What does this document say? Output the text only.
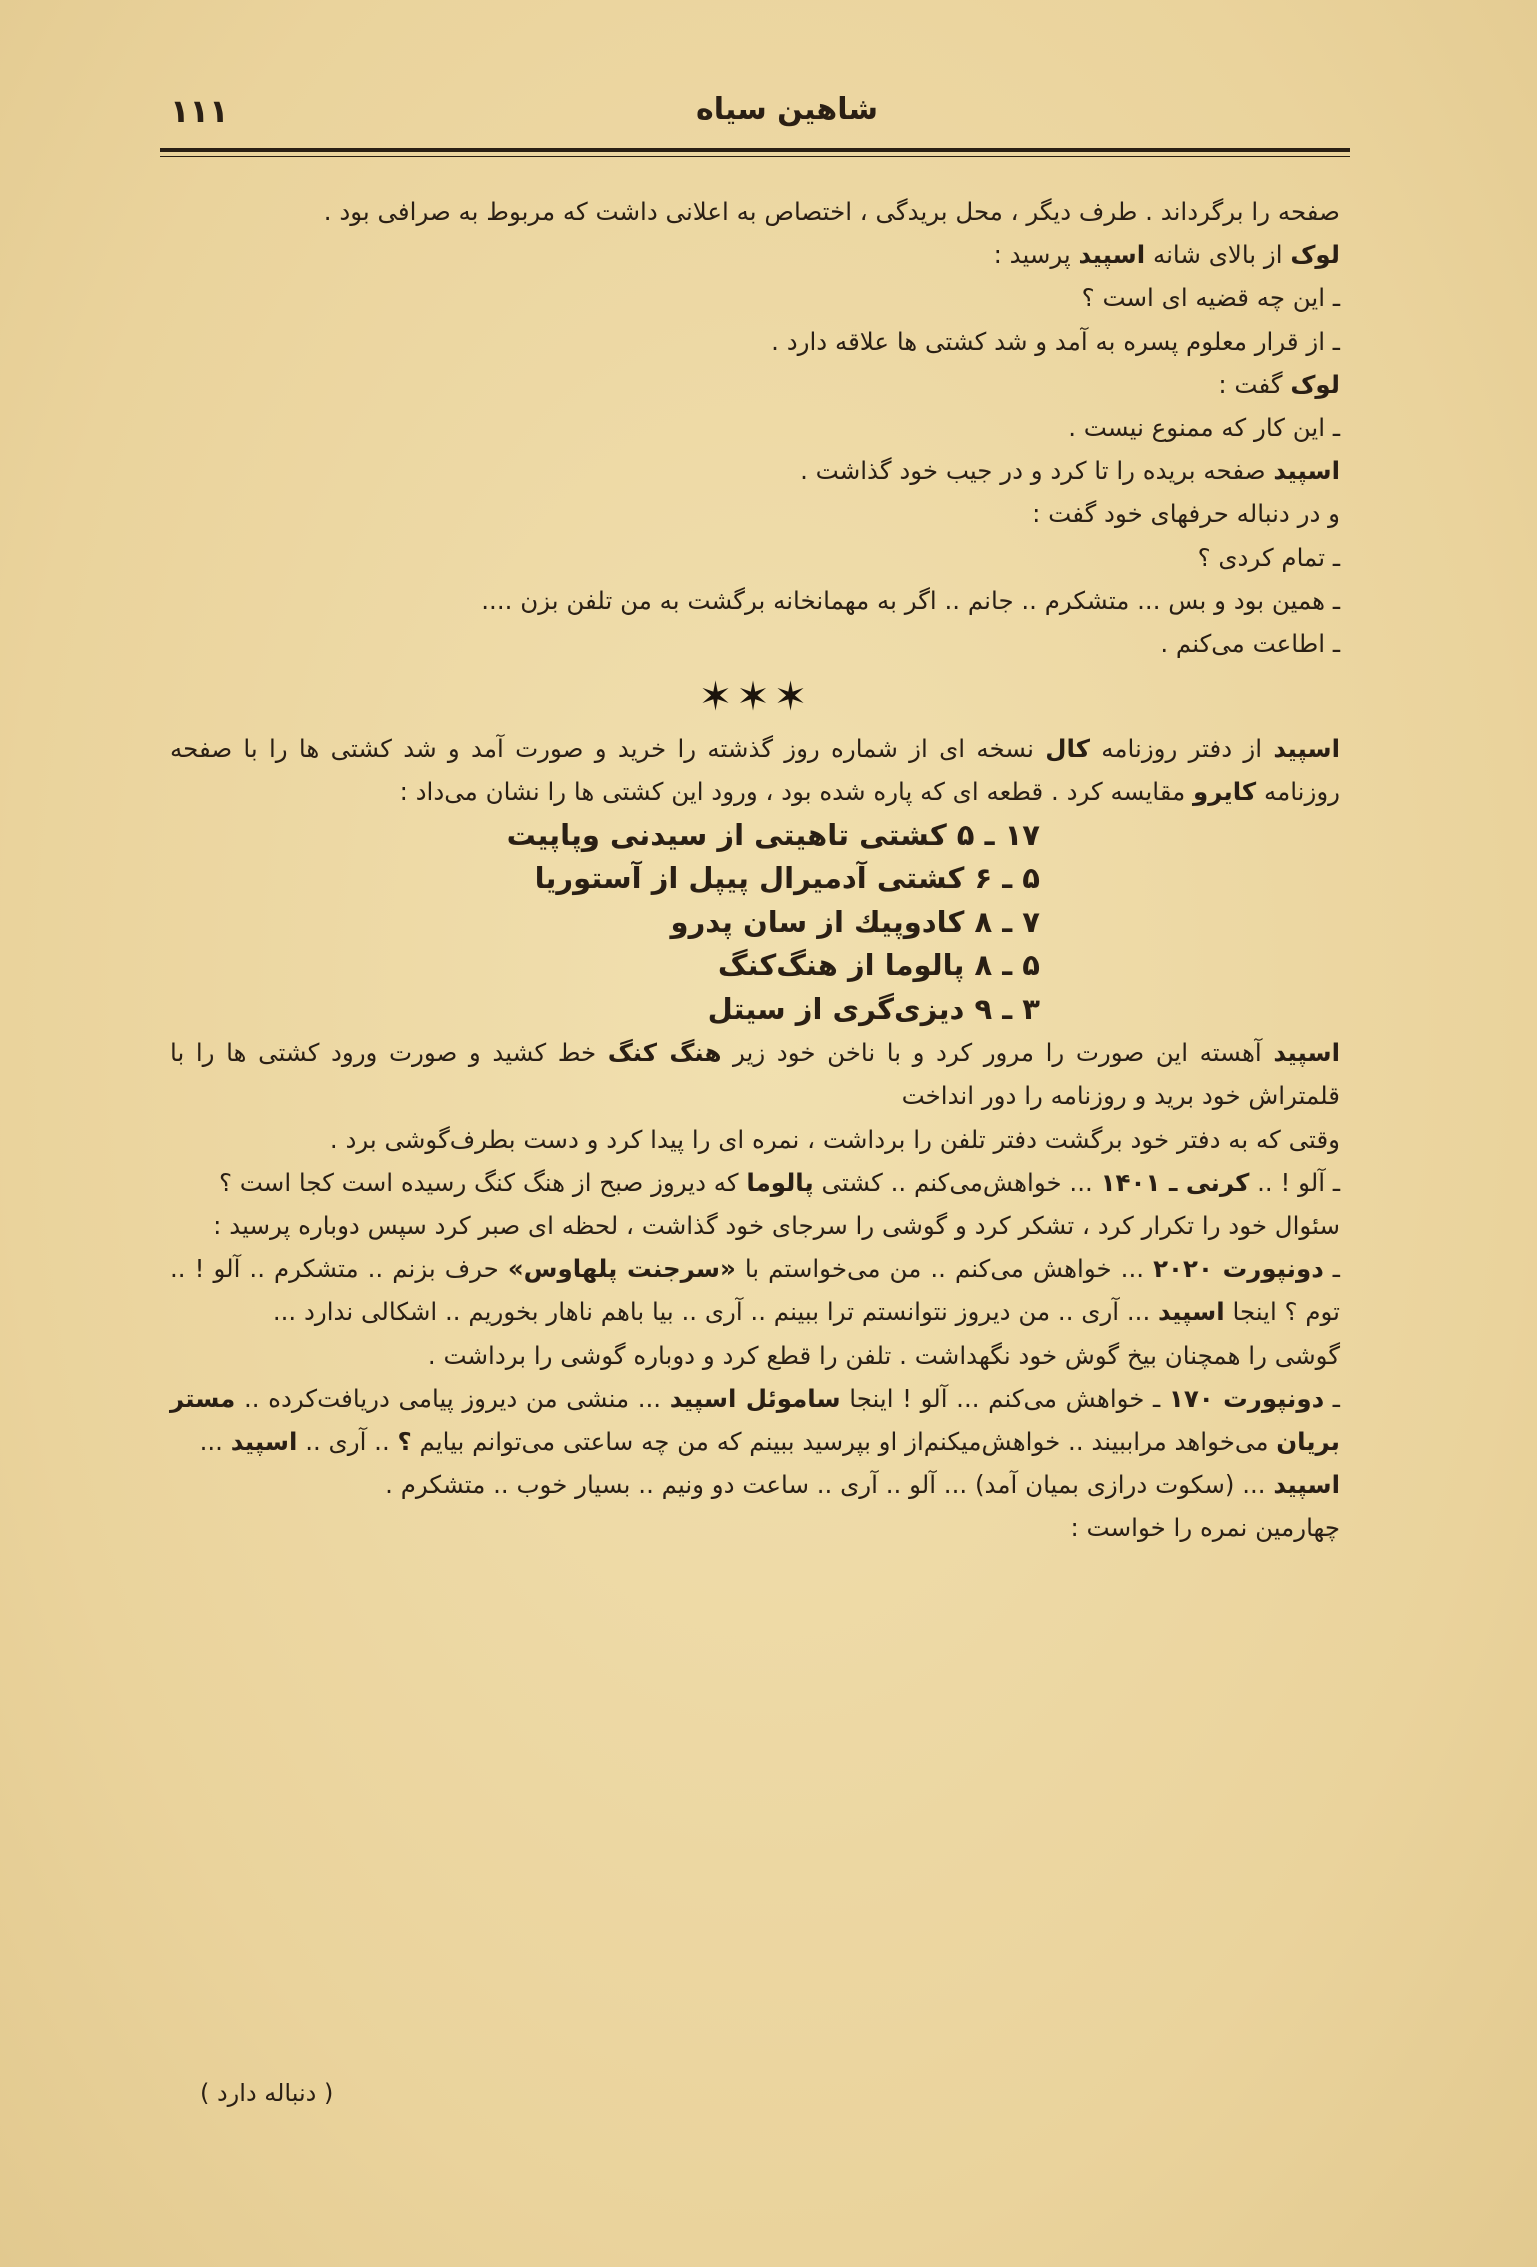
شاهین سیاه
۱۱۱

صفحه را برگرداند . طرف دیگر ، محل بریدگی ، اختصاص به اعلانی داشت که مربوط به صرافی بود .

لوک از بالای شانه اسپید پرسید :

ـ این چه قضیه ای است ؟

ـ از قرار معلوم پسره به آمد و شد کشتی ها علاقه دارد .

لوک گفت :

ـ این کار که ممنوع نیست .

اسپید صفحه بریده را تا کرد و در جیب خود گذاشت .

و در دنباله حرفهای خود گفت :

ـ تمام کردی ؟

ـ همین بود و بس ... متشکرم .. جانم .. اگر به مهمانخانه برگشت به من تلفن بزن ....

ـ اطاعت می‌کنم .

✶✶✶

اسپید از دفتر روزنامه کال نسخه ای از شماره روز گذشته را خرید و صورت آمد و شد کشتی ها را با صفحه روزنامه کایرو مقایسه کرد . قطعه ای که پاره شده بود ، ورود این کشتی ها را نشان می‌داد :

۱۷ ـ ۵ کشتی تاهیتی از سیدنی وپاپیت
۵ ـ ۶ کشتی آدمیرال پیپل از آستوریا
۷ ـ ۸ کادوپیك از سان پدرو
۵ ـ ۸ پالوما از هنگ‌کنگ
۳ ـ ۹ دیزی‌گری از سیتل

اسپید آهسته این صورت را مرور کرد و با ناخن خود زیر هنگ کنگ خط کشید و صورت ورود کشتی ها را با قلمتراش خود برید و روزنامه را دور انداخت

وقتی که به دفتر خود برگشت دفتر تلفن را برداشت ، نمره ای را پیدا کرد و دست بطرف‌گوشی برد .

ـ آلو ! .. کرنی ـ ۱۴۰۱ ... خواهش‌می‌کنم .. کشتی پالوما که دیروز صبح از هنگ کنگ رسیده است کجا است ؟

سئوال خود را تکرار کرد ، تشکر کرد و گوشی را سرجای خود گذاشت ، لحظه ای صبر کرد سپس دوباره پرسید :

ـ دونپورت ۲۰۲۰ ... خواهش می‌کنم .. من می‌خواستم با «سرجنت پلهاوس» حرف بزنم .. متشکرم .. آلو ! .. توم ؟ اینجا اسپید ... آری .. من دیروز نتوانستم ترا ببینم .. آری .. بیا باهم ناهار بخوریم .. اشکالی ندارد ...

گوشی را همچنان بیخ گوش خود نگهداشت . تلفن را قطع کرد و دوباره گوشی را برداشت .

ـ دونپورت ۱۷۰ ـ خواهش می‌کنم ... آلو ! اینجا ساموئل اسپید ... منشی من دیروز پیامی دریافت‌کرده .. مستر بریان می‌خواهد مراببیند .. خواهش‌میکنم‌از او بپرسید ببینم که من چه ساعتی می‌توانم بیایم ؟ .. آری .. اسپید ...

اسپید ... (سکوت درازی بمیان آمد) ... آلو .. آری .. ساعت دو ونیم .. بسیار خوب .. متشکرم .

چهارمین نمره را خواست :

( دنباله دارد )
